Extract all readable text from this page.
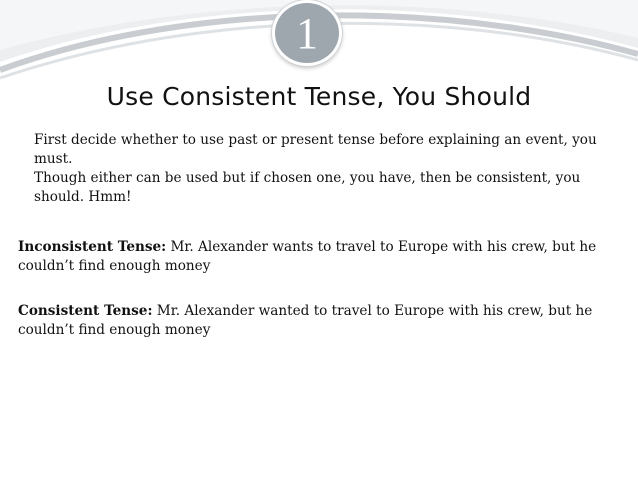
1
Use Consistent Tense, You Should

First decide whether to use past or present tense before explaining an event, you must.

Though either can be used but if chosen one, you have, then be consistent, you should. Hmm!

Inconsistent Tense: Mr. Alexander wants to travel to Europe with his crew, but he couldn’t find enough money
Consistent Tense: Mr. Alexander wanted to travel to Europe with his crew, but he couldn’t find enough money
